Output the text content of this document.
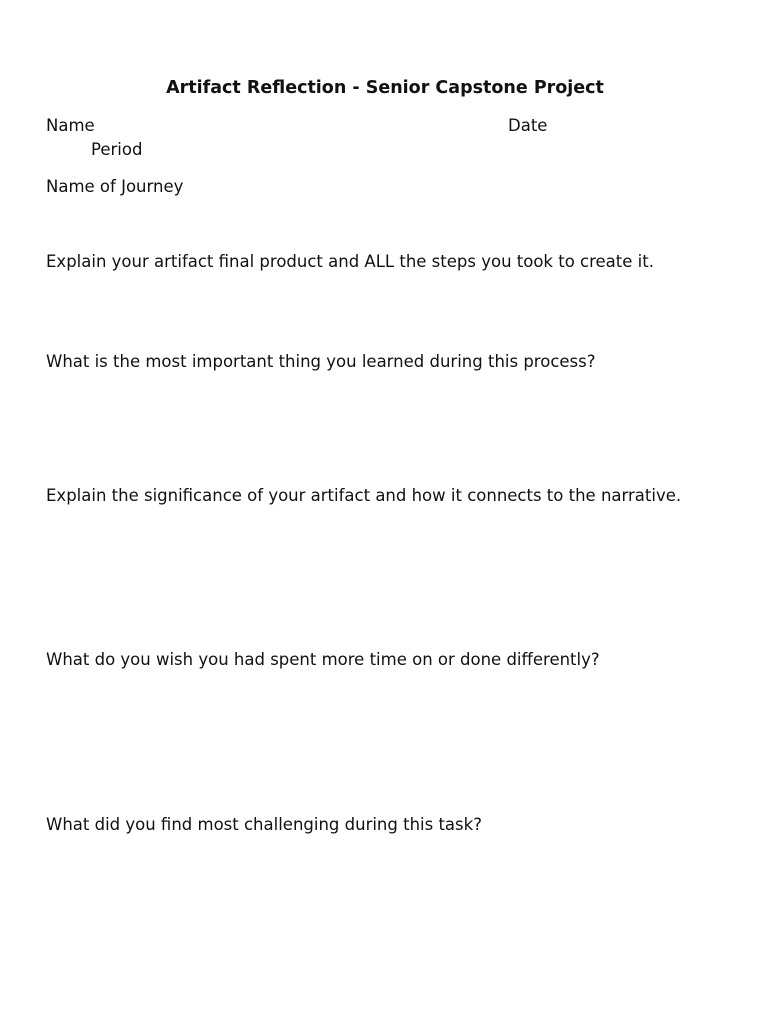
Artifact Reflection - Senior Capstone Project
Name	Date
Period
Name of Journey
Explain your artifact final product and ALL the steps you took to create it.
What is the most important thing you learned during this process?
Explain the significance of your artifact and how it connects to the narrative.
What do you wish you had spent more time on or done differently?
What did you find most challenging during this task?
